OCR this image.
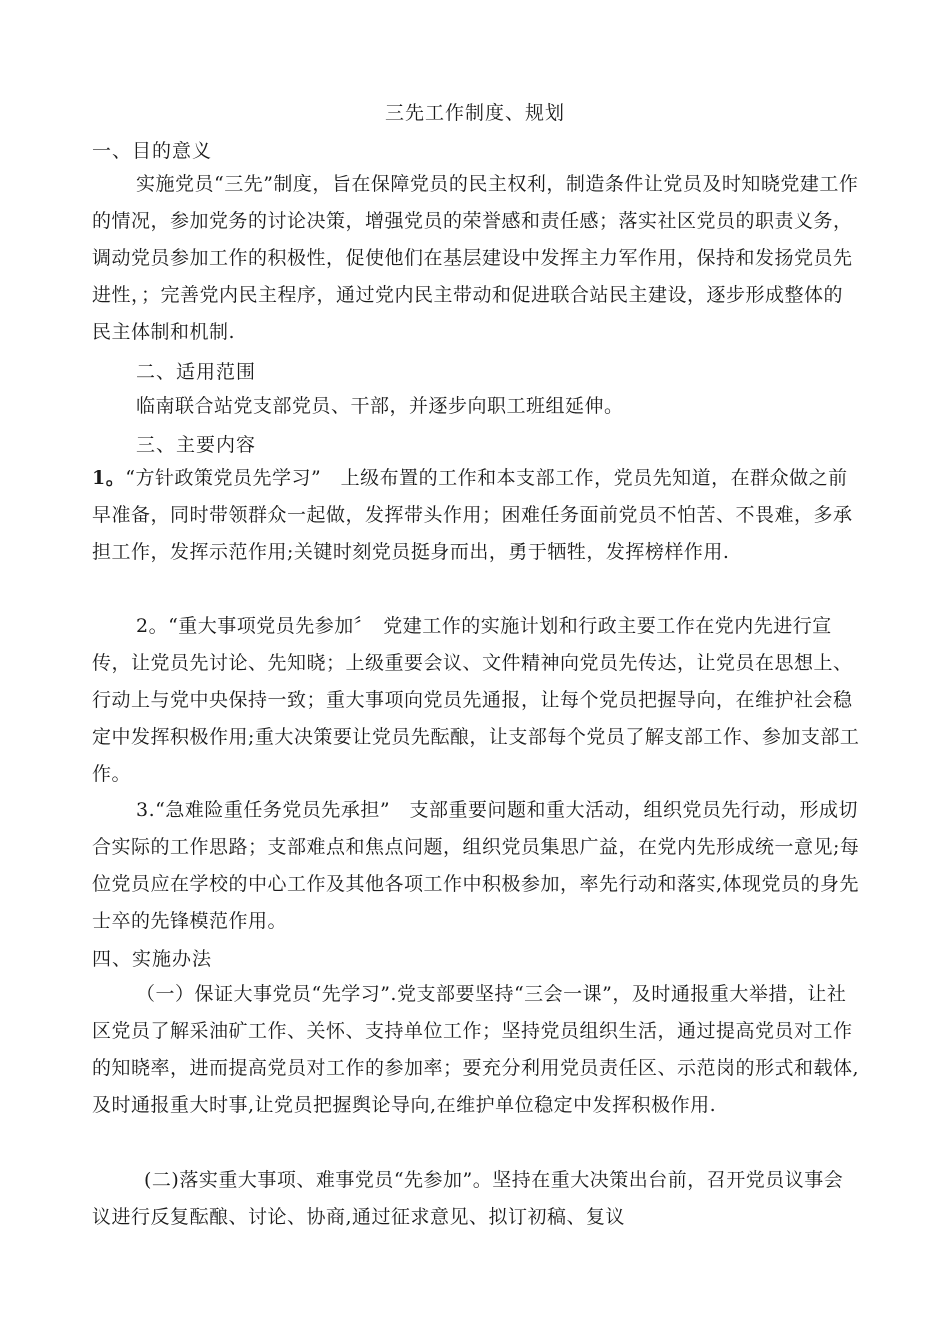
三先工作制度、规划
一、目的意义
实施党员“三先”制度，旨在保障党员的民主权利，制造条件让党员及时知晓党建工作的情况，参加党务的讨论决策，增强党员的荣誉感和责任感；落实社区党员的职责义务，调动党员参加工作的积极性，促使他们在基层建设中发挥主力军作用，保持和发扬党员先进性，；完善党内民主程序，通过党内民主带动和促进联合站民主建设，逐步形成整体的民主体制和机制.
二、适用范围
临南联合站党支部党员、干部，并逐步向职工班组延伸。
三、主要内容
1。“方针政策党员先学习”　上级布置的工作和本支部工作，党员先知道，在群众做之前早准备，同时带领群众一起做，发挥带头作用；困难任务面前党员不怕苦、不畏难，多承担工作，发挥示范作用;关键时刻党员挺身而出，勇于牺牲，发挥榜样作用.
2。“重大事项党员先参加〞　党建工作的实施计划和行政主要工作在党内先进行宣传，让党员先讨论、先知晓；上级重要会议、文件精神向党员先传达，让党员在思想上、行动上与党中央保持一致；重大事项向党员先通报，让每个党员把握导向，在维护社会稳定中发挥积极作用;重大决策要让党员先酝酿，让支部每个党员了解支部工作、参加支部工作。
3.“急难险重任务党员先承担”　支部重要问题和重大活动，组织党员先行动，形成切合实际的工作思路；支部难点和焦点问题，组织党员集思广益，在党内先形成统一意见;每位党员应在学校的中心工作及其他各项工作中积极参加，率先行动和落实,体现党员的身先士卒的先锋模范作用。
四、实施办法
（一）保证大事党员“先学习”.党支部要坚持“三会一课”，及时通报重大举措，让社区党员了解采油矿工作、关怀、支持单位工作；坚持党员组织生活，通过提高党员对工作的知晓率，进而提高党员对工作的参加率；要充分利用党员责任区、示范岗的形式和载体,及时通报重大时事,让党员把握舆论导向,在维护单位稳定中发挥积极作用.
(二)落实重大事项、难事党员“先参加”。坚持在重大决策出台前，召开党员议事会议进行反复酝酿、讨论、协商,通过征求意见、拟订初稿、复议
